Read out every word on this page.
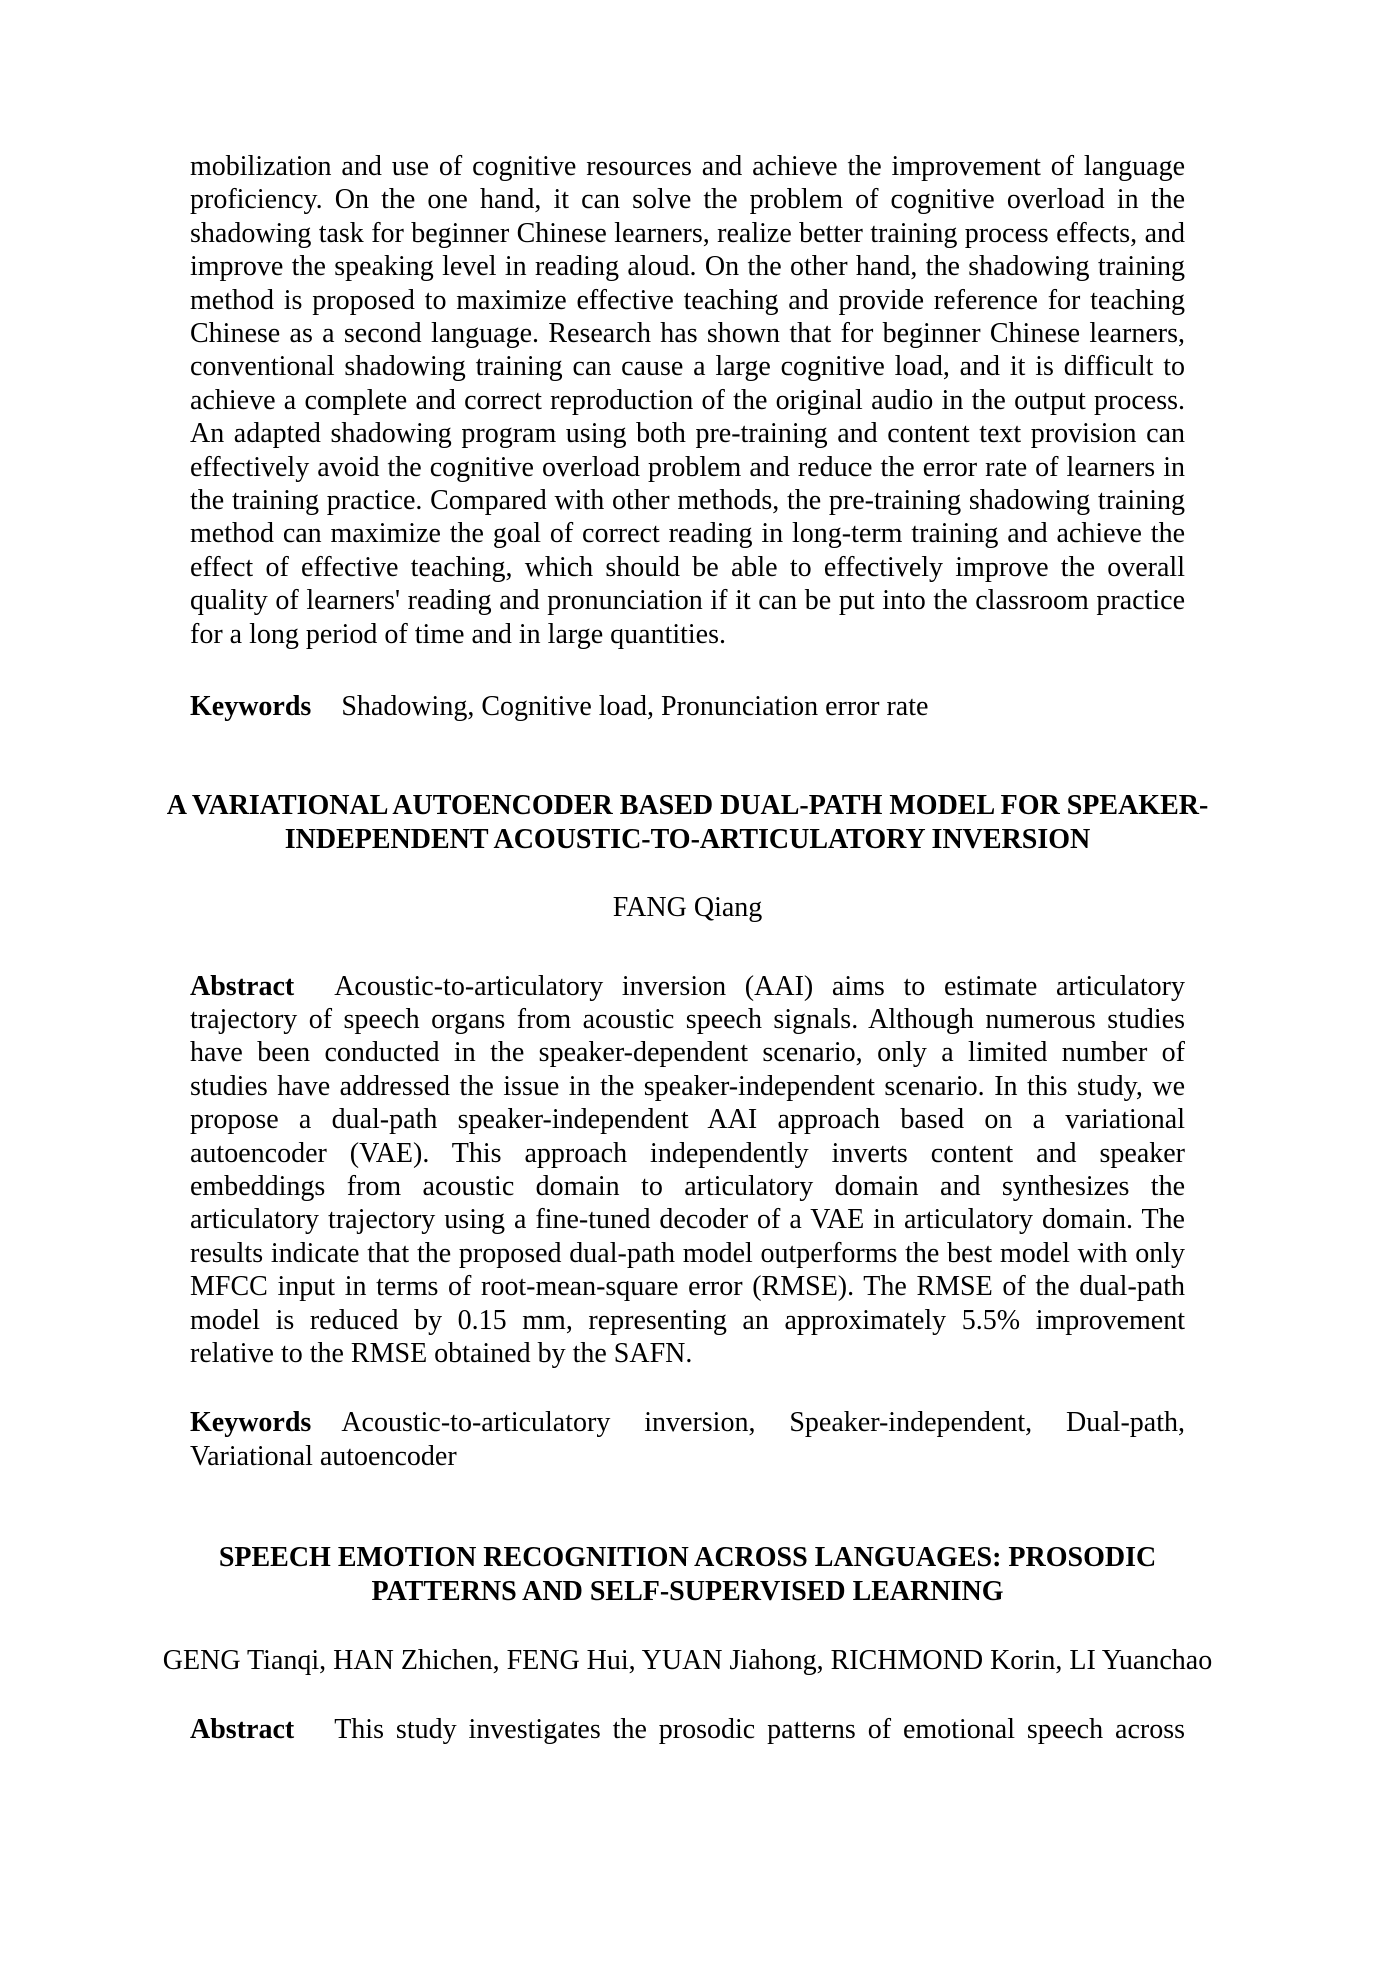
mobilization and use of cognitive resources and achieve the improvement of language proficiency. On the one hand, it can solve the problem of cognitive overload in the shadowing task for beginner Chinese learners, realize better training process effects, and improve the speaking level in reading aloud. On the other hand, the shadowing training method is proposed to maximize effective teaching and provide reference for teaching Chinese as a second language. Research has shown that for beginner Chinese learners, conventional shadowing training can cause a large cognitive load, and it is difficult to achieve a complete and correct reproduction of the original audio in the output process. An adapted shadowing program using both pre-training and content text provision can effectively avoid the cognitive overload problem and reduce the error rate of learners in the training practice. Compared with other methods, the pre-training shadowing training method can maximize the goal of correct reading in long-term training and achieve the effect of effective teaching, which should be able to effectively improve the overall quality of learners' reading and pronunciation if it can be put into the classroom practice for a long period of time and in large quantities.

Keywords Shadowing, Cognitive load, Pronunciation error rate

A VARIATIONAL AUTOENCODER BASED DUAL-PATH MODEL FOR SPEAKER-INDEPENDENT ACOUSTIC-TO-ARTICULATORY INVERSION

FANG Qiang

Abstract Acoustic-to-articulatory inversion (AAI) aims to estimate articulatory trajectory of speech organs from acoustic speech signals. Although numerous studies have been conducted in the speaker-dependent scenario, only a limited number of studies have addressed the issue in the speaker-independent scenario. In this study, we propose a dual-path speaker-independent AAI approach based on a variational autoencoder (VAE). This approach independently inverts content and speaker embeddings from acoustic domain to articulatory domain and synthesizes the articulatory trajectory using a fine-tuned decoder of a VAE in articulatory domain. The results indicate that the proposed dual-path model outperforms the best model with only MFCC input in terms of root-mean-square error (RMSE). The RMSE of the dual-path model is reduced by 0.15 mm, representing an approximately 5.5% improvement relative to the RMSE obtained by the SAFN.

Keywords Acoustic-to-articulatory inversion, Speaker-independent, Dual-path, Variational autoencoder

SPEECH EMOTION RECOGNITION ACROSS LANGUAGES: PROSODIC PATTERNS AND SELF-SUPERVISED LEARNING

GENG Tianqi, HAN Zhichen, FENG Hui, YUAN Jiahong, RICHMOND Korin, LI Yuanchao

Abstract This study investigates the prosodic patterns of emotional speech across
